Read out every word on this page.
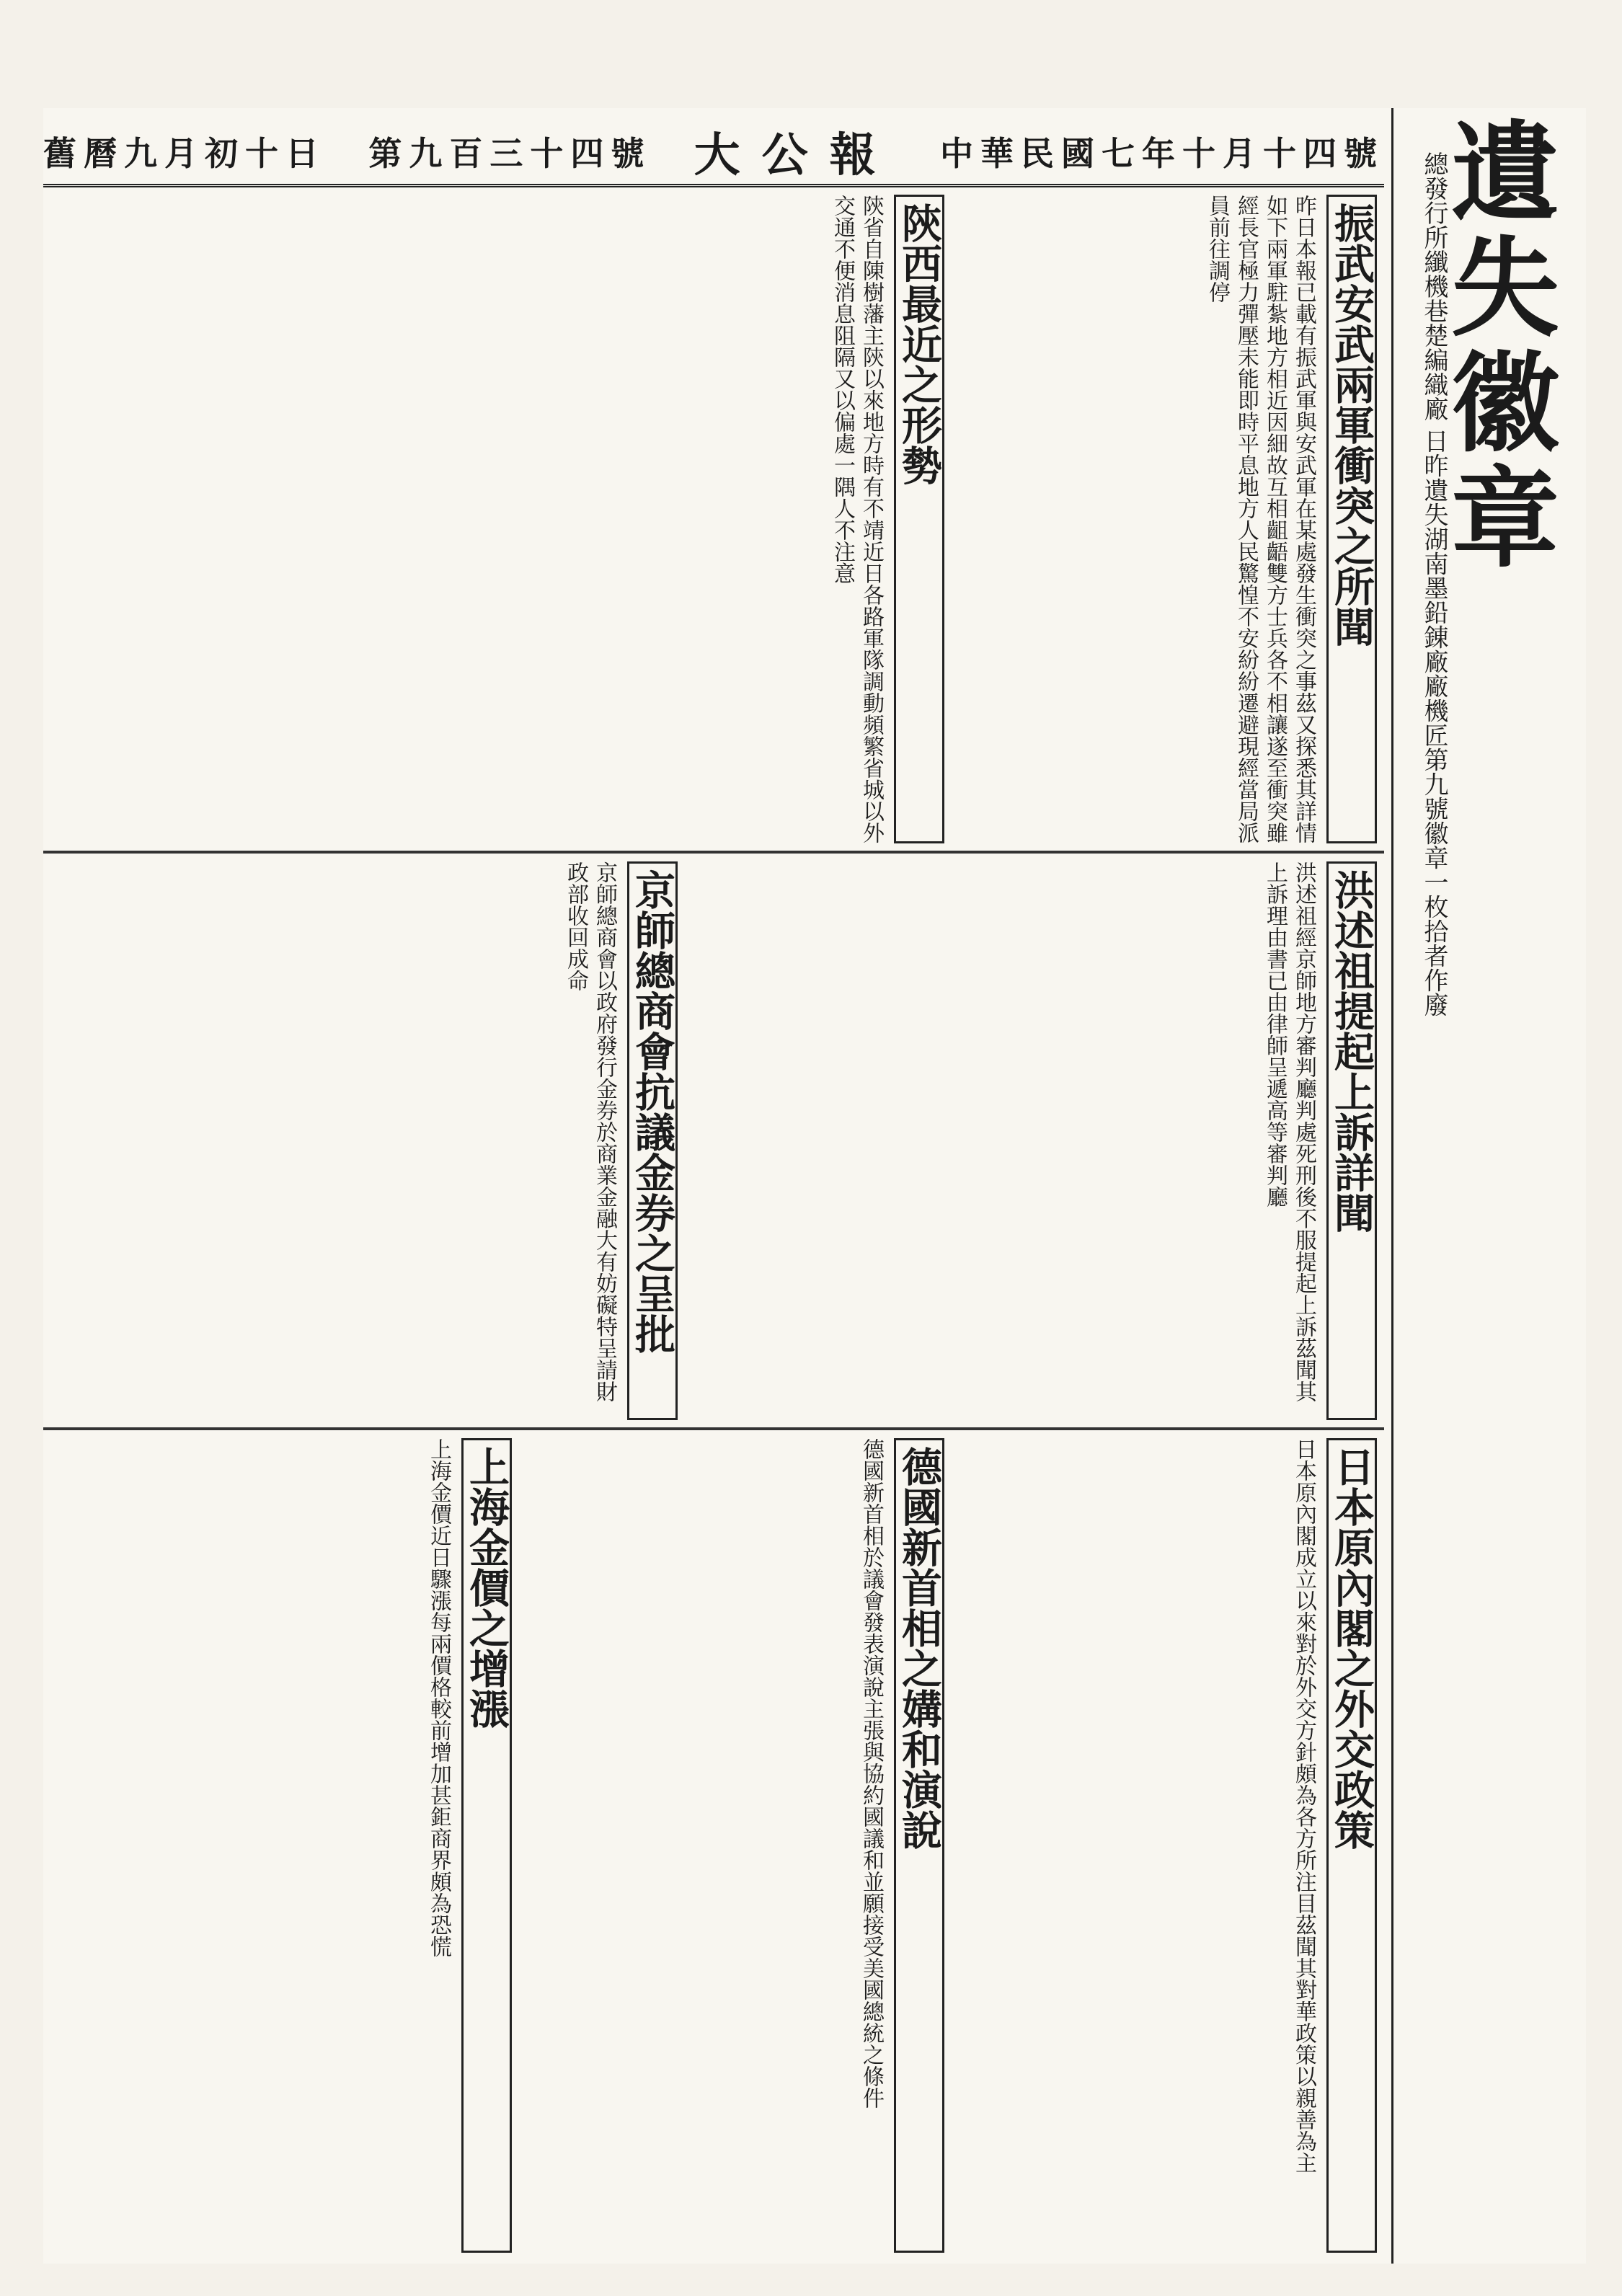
舊曆九月初十日 第九百三十四號 大公報 中華民國七年十月十四號 遺失徽章
總發行所纖機巷楚編織廠 日昨遺失湖南墨鉛錬廠廠機匠第九號徽章一枚拾者作廢
振武安武兩軍衝突之所聞
昨日本報已載有振武軍與安武軍在某處發生衝突之事茲又探悉其詳情如下兩軍駐紮地方相近因細故互相齟齬雙方士兵各不相讓遂至衝突雖經長官極力彈壓未能即時平息地方人民驚惶不安紛紛遷避現經當局派員前往調停
陝西最近之形勢
陝省自陳樹藩主陝以來地方時有不靖近日各路軍隊調動頻繁省城以外交通不便消息阻隔又以偏處一隅人不注意
洪述祖提起上訴詳聞
洪述祖經京師地方審判廳判處死刑後不服提起上訴茲聞其上訴理由書已由律師呈遞高等審判廳
京師總商會抗議金券之呈批
京師總商會以政府發行金券於商業金融大有妨礙特呈請財政部收回成命
上海金價之增漲
上海金價近日驟漲每兩價格較前增加甚鉅商界頗為恐慌	日本原內閣之外交政策
日本原內閣成立以來對於外交方針頗為各方所注目茲聞其對華政策以親善為主
德國新首相之媾和演說
德國新首相於議會發表演說主張與協約國議和並願接受美國總統之條件
